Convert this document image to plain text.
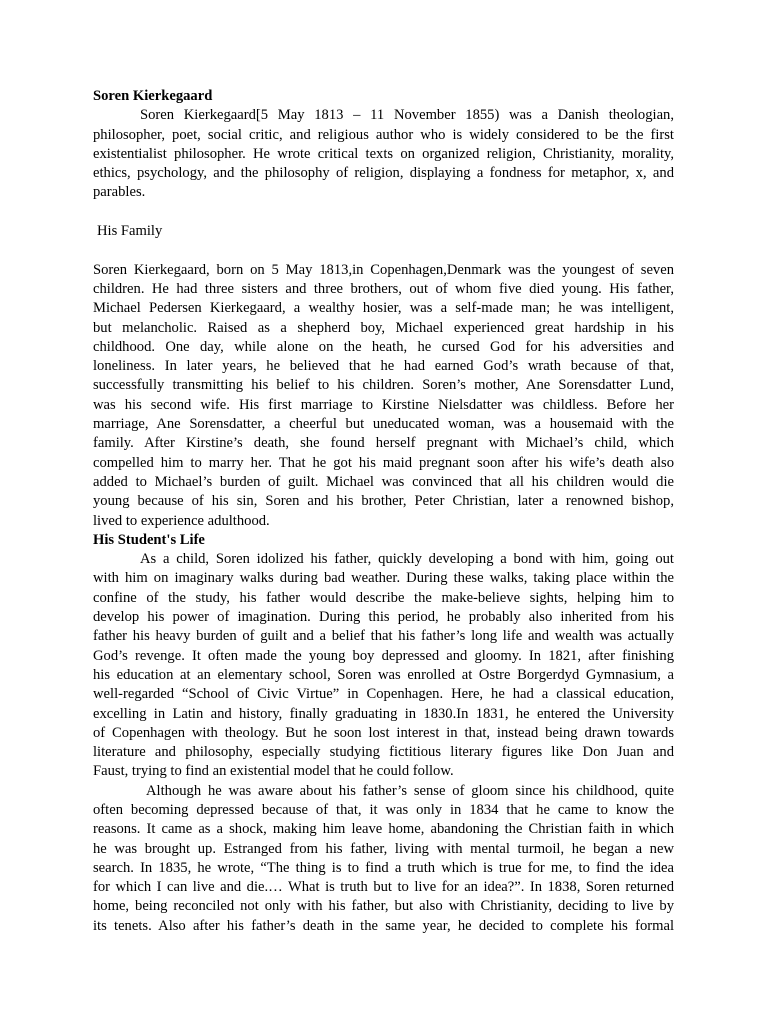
Soren Kierkegaard
Soren Kierkegaard[5 May 1813 – 11 November 1855) was a Danish theologian,
philosopher, poet, social critic, and religious author who is widely considered to be the first
existentialist philosopher. He wrote critical texts on organized religion, Christianity, morality,
ethics, psychology, and the philosophy of religion, displaying a fondness for metaphor, x, and
parables.
His Family
Soren Kierkegaard, born on 5 May 1813,in Copenhagen,Denmark was the youngest of seven
children. He had three sisters and three brothers, out of whom five died young. His father,
Michael Pedersen Kierkegaard, a wealthy hosier, was a self-made man; he was intelligent,
but melancholic. Raised as a shepherd boy, Michael experienced great hardship in his
childhood. One day, while alone on the heath, he cursed God for his adversities and
loneliness. In later years, he believed that he had earned God’s wrath because of that,
successfully transmitting his belief to his children. Soren’s mother, Ane Sorensdatter Lund,
was his second wife. His first marriage to Kirstine Nielsdatter was childless. Before her
marriage, Ane Sorensdatter, a cheerful but uneducated woman, was a housemaid with the
family. After Kirstine’s death, she found herself pregnant with Michael’s child, which
compelled him to marry her. That he got his maid pregnant soon after his wife’s death also
added to Michael’s burden of guilt. Michael was convinced that all his children would die
young because of his sin, Soren and his brother, Peter Christian, later a renowned bishop,
lived to experience adulthood.
His Student's Life
As a child, Soren idolized his father, quickly developing a bond with him, going out
with him on imaginary walks during bad weather. During these walks, taking place within the
confine of the study, his father would describe the make-believe sights, helping him to
develop his power of imagination. During this period, he probably also inherited from his
father his heavy burden of guilt and a belief that his father’s long life and wealth was actually
God’s revenge. It often made the young boy depressed and gloomy. In 1821, after finishing
his education at an elementary school, Soren was enrolled at Ostre Borgerdyd Gymnasium, a
well-regarded “School of Civic Virtue” in Copenhagen. Here, he had a classical education,
excelling in Latin and history, finally graduating in 1830.In 1831, he entered the University
of Copenhagen with theology. But he soon lost interest in that, instead being drawn towards
literature and philosophy, especially studying fictitious literary figures like Don Juan and
Faust, trying to find an existential model that he could follow.
Although he was aware about his father’s sense of gloom since his childhood, quite
often becoming depressed because of that, it was only in 1834 that he came to know the
reasons. It came as a shock, making him leave home, abandoning the Christian faith in which
he was brought up. Estranged from his father, living with mental turmoil, he began a new
search. In 1835, he wrote, “The thing is to find a truth which is true for me, to find the idea
for which I can live and die.… What is truth but to live for an idea?”. In 1838, Soren returned
home, being reconciled not only with his father, but also with Christianity, deciding to live by
its tenets. Also after his father’s death in the same year, he decided to complete his formal
